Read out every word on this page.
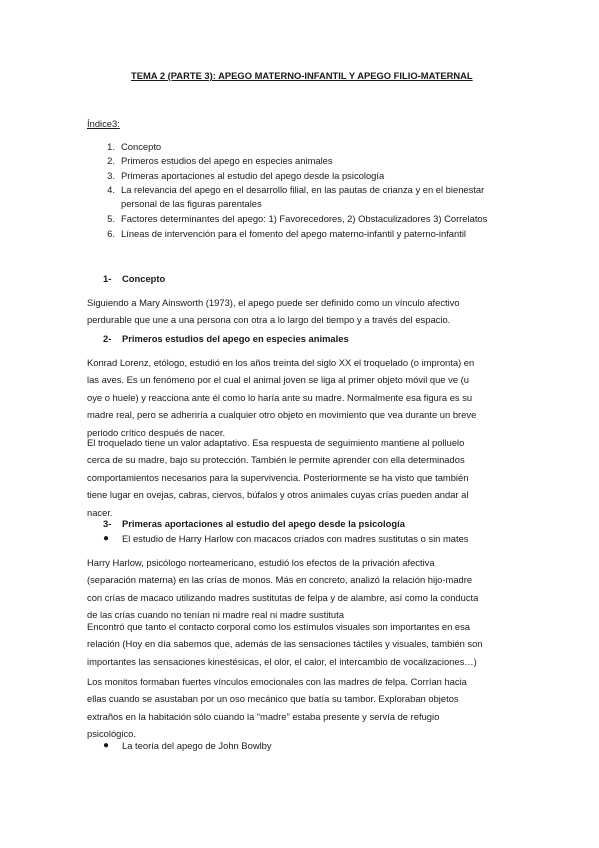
TEMA 2 (PARTE 3): APEGO MATERNO-INFANTIL Y APEGO FILIO-MATERNAL
Índice3:
1. Concepto
2. Primeros estudios del apego en especies animales
3. Primeras aportaciones al estudio del apego desde la psicología
4. La relevancia del apego en el desarrollo filial, en las pautas de crianza y en el bienestar
personal de las figuras parentales
5. Factores determinantes del apego: 1) Favorecedores, 2) Obstaculizadores 3) Correlatos
6. Líneas de intervención para el fomento del apego materno-infantil y paterno-infantil
1- Concepto
Siguiendo a Mary Ainsworth (1973), el apego puede ser definido como un vínculo afectivo
perdurable que une a una persona con otra a lo largo del tiempo y a través del espacio.
2- Primeros estudios del apego en especies animales
Konrad Lorenz, etólogo, estudió en los años treinta del siglo XX el troquelado (o impronta) en
las aves. Es un fenómeno por el cual el animal joven se liga al primer objeto móvil que ve (u
oye o huele) y reacciona ante él como lo haría ante su madre. Normalmente esa figura es su
madre real, pero se adheriría a cualquier otro objeto en movimiento que vea durante un breve
periodo crítico después de nacer.
El troquelado tiene un valor adaptativo. Esa respuesta de seguimiento mantiene al polluelo
cerca de su madre, bajo su protección. También le permite aprender con ella determinados
comportamientos necesarios para la supervivencia. Posteriormente se ha visto que también
tiene lugar en ovejas, cabras, ciervos, búfalos y otros animales cuyas crías pueden andar al
nacer.
3- Primeras aportaciones al estudio del apego desde la psicología
● El estudio de Harry Harlow con macacos criados con madres sustitutas o sin mates
Harry Harlow, psicólogo norteamericano, estudió los efectos de la privación afectiva
(separación materna) en las crías de monos. Más en concreto, analizó la relación hijo-madre
con crías de macaco utilizando madres sustitutas de felpa y de alambre, así como la conducta
de las crías cuando no tenían ni madre real ni madre sustituta
Encontró que tanto el contacto corporal como los estímulos visuales son importantes en esa
relación (Hoy en día sabemos que, además de las sensaciones táctiles y visuales, también son
importantes las sensaciones kinestésicas, el olor, el calor, el intercambio de vocalizaciones…)
Los monitos formaban fuertes vínculos emocionales con las madres de felpa. Corrían hacia
ellas cuando se asustaban por un oso mecánico que batía su tambor. Exploraban objetos
extraños en la habitación sólo cuando la “madre” estaba presente y servía de refugio
psicológico.
● La teoría del apego de John Bowlby
